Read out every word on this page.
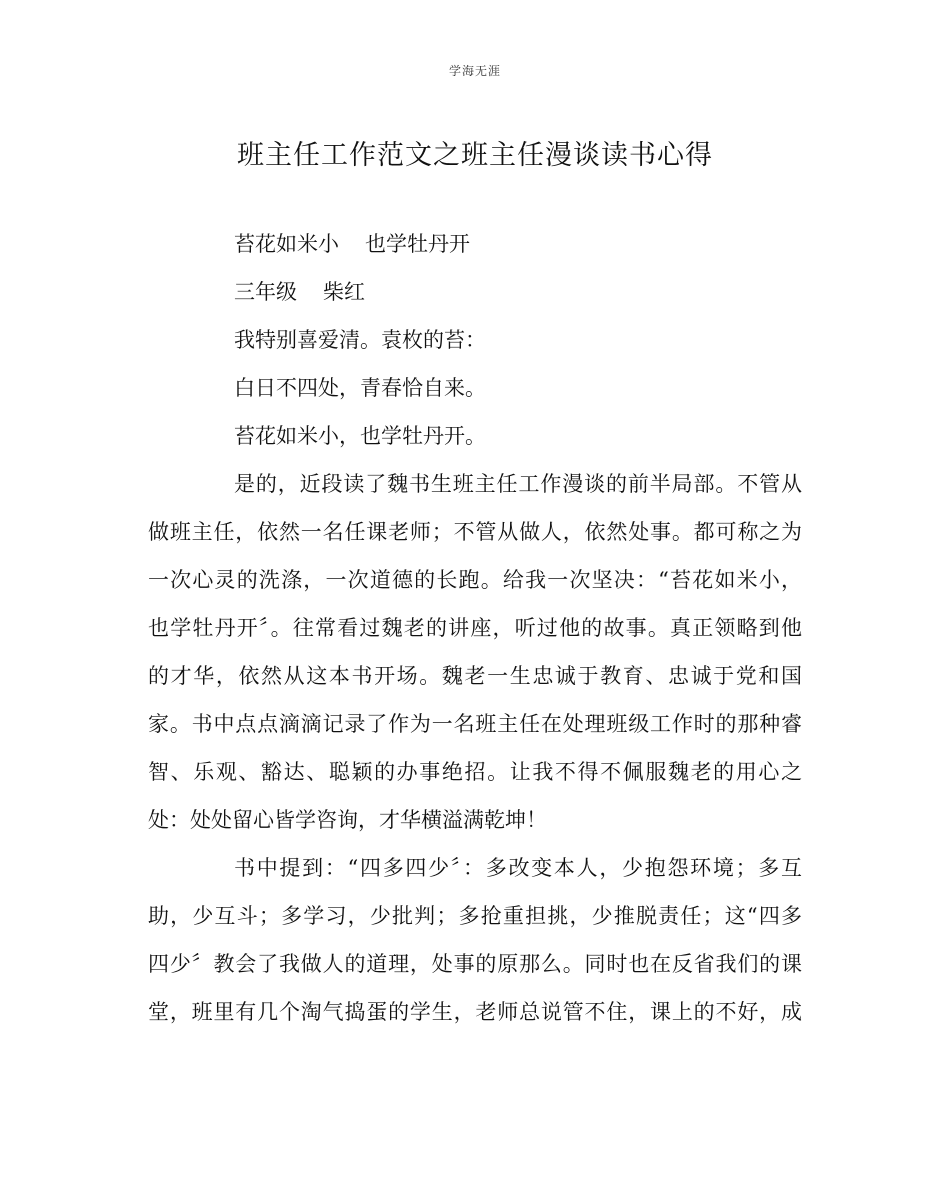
学海无涯
班主任工作范文之班主任漫谈读书心得
苔花如米小 也学牡丹开
三年级 柴红
我特别喜爱清。袁枚的苔：
白日不四处，青春恰自来。
苔花如米小，也学牡丹开。
是的，近段读了魏书生班主任工作漫谈的前半局部。不管从
做班主任，依然一名任课老师；不管从做人，依然处事。都可称之为
一次心灵的洗涤，一次道德的长跑。给我一次坚决：“苔花如米小，
也学牡丹开〞。往常看过魏老的讲座，听过他的故事。真正领略到他
的才华，依然从这本书开场。魏老一生忠诚于教育、忠诚于党和国
家。书中点点滴滴记录了作为一名班主任在处理班级工作时的那种睿
智、乐观、豁达、聪颖的办事绝招。让我不得不佩服魏老的用心之
处：处处留心皆学咨询，才华横溢满乾坤！
书中提到：“四多四少〞：多改变本人，少抱怨环境；多互
助，少互斗；多学习，少批判；多抢重担挑，少推脱责任；这“四多
四少〞教会了我做人的道理，处事的原那么。同时也在反省我们的课
堂，班里有几个淘气捣蛋的学生，老师总说管不住，课上的不好，成
